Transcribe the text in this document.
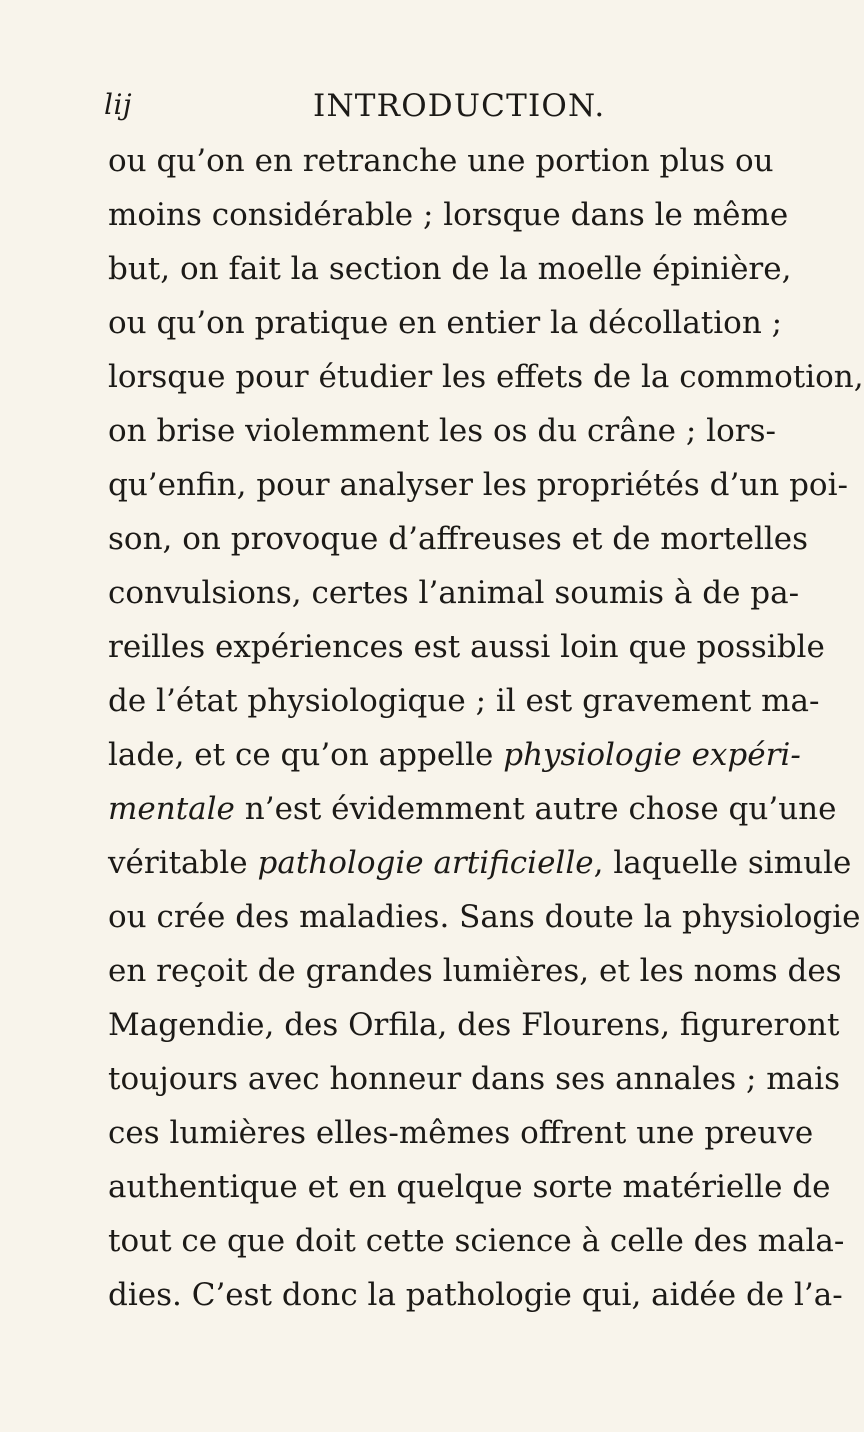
lij	INTRODUCTION.
ou qu’on en retranche une portion plus ou
moins considérable ; lorsque dans le même
but, on fait la section de la moelle épinière,
ou qu’on pratique en entier la décollation ;
lorsque pour étudier les effets de la commotion,
on brise violemment les os du crâne ; lors-
qu’enfin, pour analyser les propriétés d’un poi-
son, on provoque d’affreuses et de mortelles
convulsions, certes l’animal soumis à de pa-
reilles expériences est aussi loin que possible
de l’état physiologique ; il est gravement ma-
lade, et ce qu’on appelle physiologie expéri-
mentale n’est évidemment autre chose qu’une
véritable pathologie artificielle, laquelle simule
ou crée des maladies. Sans doute la physiologie
en reçoit de grandes lumières, et les noms des
Magendie, des Orfila, des Flourens, figureront
toujours avec honneur dans ses annales ; mais
ces lumières elles-mêmes offrent une preuve
authentique et en quelque sorte matérielle de
tout ce que doit cette science à celle des mala-
dies. C’est donc la pathologie qui, aidée de l’a-
